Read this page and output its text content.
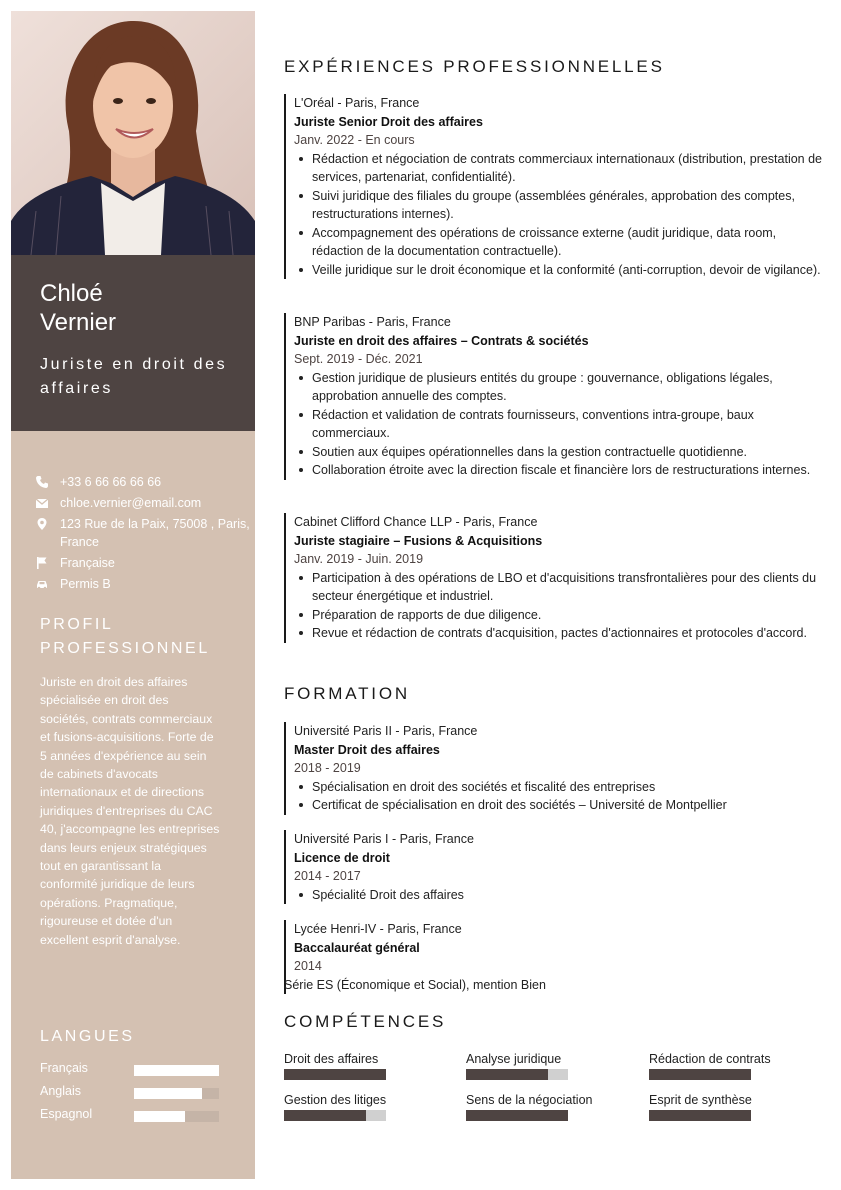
Chloé
Vernier
Juriste en droit des affaires
+33 6 66 66 66 66
chloe.vernier@email.com
123 Rue de la Paix, 75008 , Paris, France
Française
Permis B
PROFIL PROFESSIONNEL
Juriste en droit des affaires spécialisée en droit des sociétés, contrats commerciaux et fusions-acquisitions. Forte de 5 années d'expérience au sein de cabinets d'avocats internationaux et de directions juridiques d'entreprises du CAC 40, j'accompagne les entreprises dans leurs enjeux stratégiques tout en garantissant la conformité juridique de leurs opérations. Pragmatique, rigoureuse et dotée d'un excellent esprit d'analyse.
LANGUES
Français
Anglais
Espagnol
EXPÉRIENCES PROFESSIONNELLES
L'Oréal - Paris, France
Juriste Senior Droit des affaires
Janv. 2022 - En cours
Rédaction et négociation de contrats commerciaux internationaux (distribution, prestation de services, partenariat, confidentialité).
Suivi juridique des filiales du groupe (assemblées générales, approbation des comptes, restructurations internes).
Accompagnement des opérations de croissance externe (audit juridique, data room, rédaction de la documentation contractuelle).
Veille juridique sur le droit économique et la conformité (anti-corruption, devoir de vigilance).
BNP Paribas - Paris, France
Juriste en droit des affaires – Contrats & sociétés
Sept. 2019 - Déc. 2021
Gestion juridique de plusieurs entités du groupe : gouvernance, obligations légales, approbation annuelle des comptes.
Rédaction et validation de contrats fournisseurs, conventions intra-groupe, baux commerciaux.
Soutien aux équipes opérationnelles dans la gestion contractuelle quotidienne.
Collaboration étroite avec la direction fiscale et financière lors de restructurations internes.
Cabinet Clifford Chance LLP - Paris, France
Juriste stagiaire – Fusions & Acquisitions
Janv. 2019 - Juin. 2019
Participation à des opérations de LBO et d'acquisitions transfrontalières pour des clients du secteur énergétique et industriel.
Préparation de rapports de due diligence.
Revue et rédaction de contrats d'acquisition, pactes d'actionnaires et protocoles d'accord.
FORMATION
Université Paris II - Paris, France
Master Droit des affaires
2018 - 2019
Spécialisation en droit des sociétés et fiscalité des entreprises
Certificat de spécialisation en droit des sociétés – Université de Montpellier
Université Paris I - Paris, France
Licence de droit
2014 - 2017
Spécialité Droit des affaires
Lycée Henri-IV - Paris, France
Baccalauréat général
2014
Série ES (Économique et Social), mention Bien
COMPÉTENCES
Droit des affaires	Analyse juridique	Rédaction de contrats
Gestion des litiges	Sens de la négociation	Esprit de synthèse
